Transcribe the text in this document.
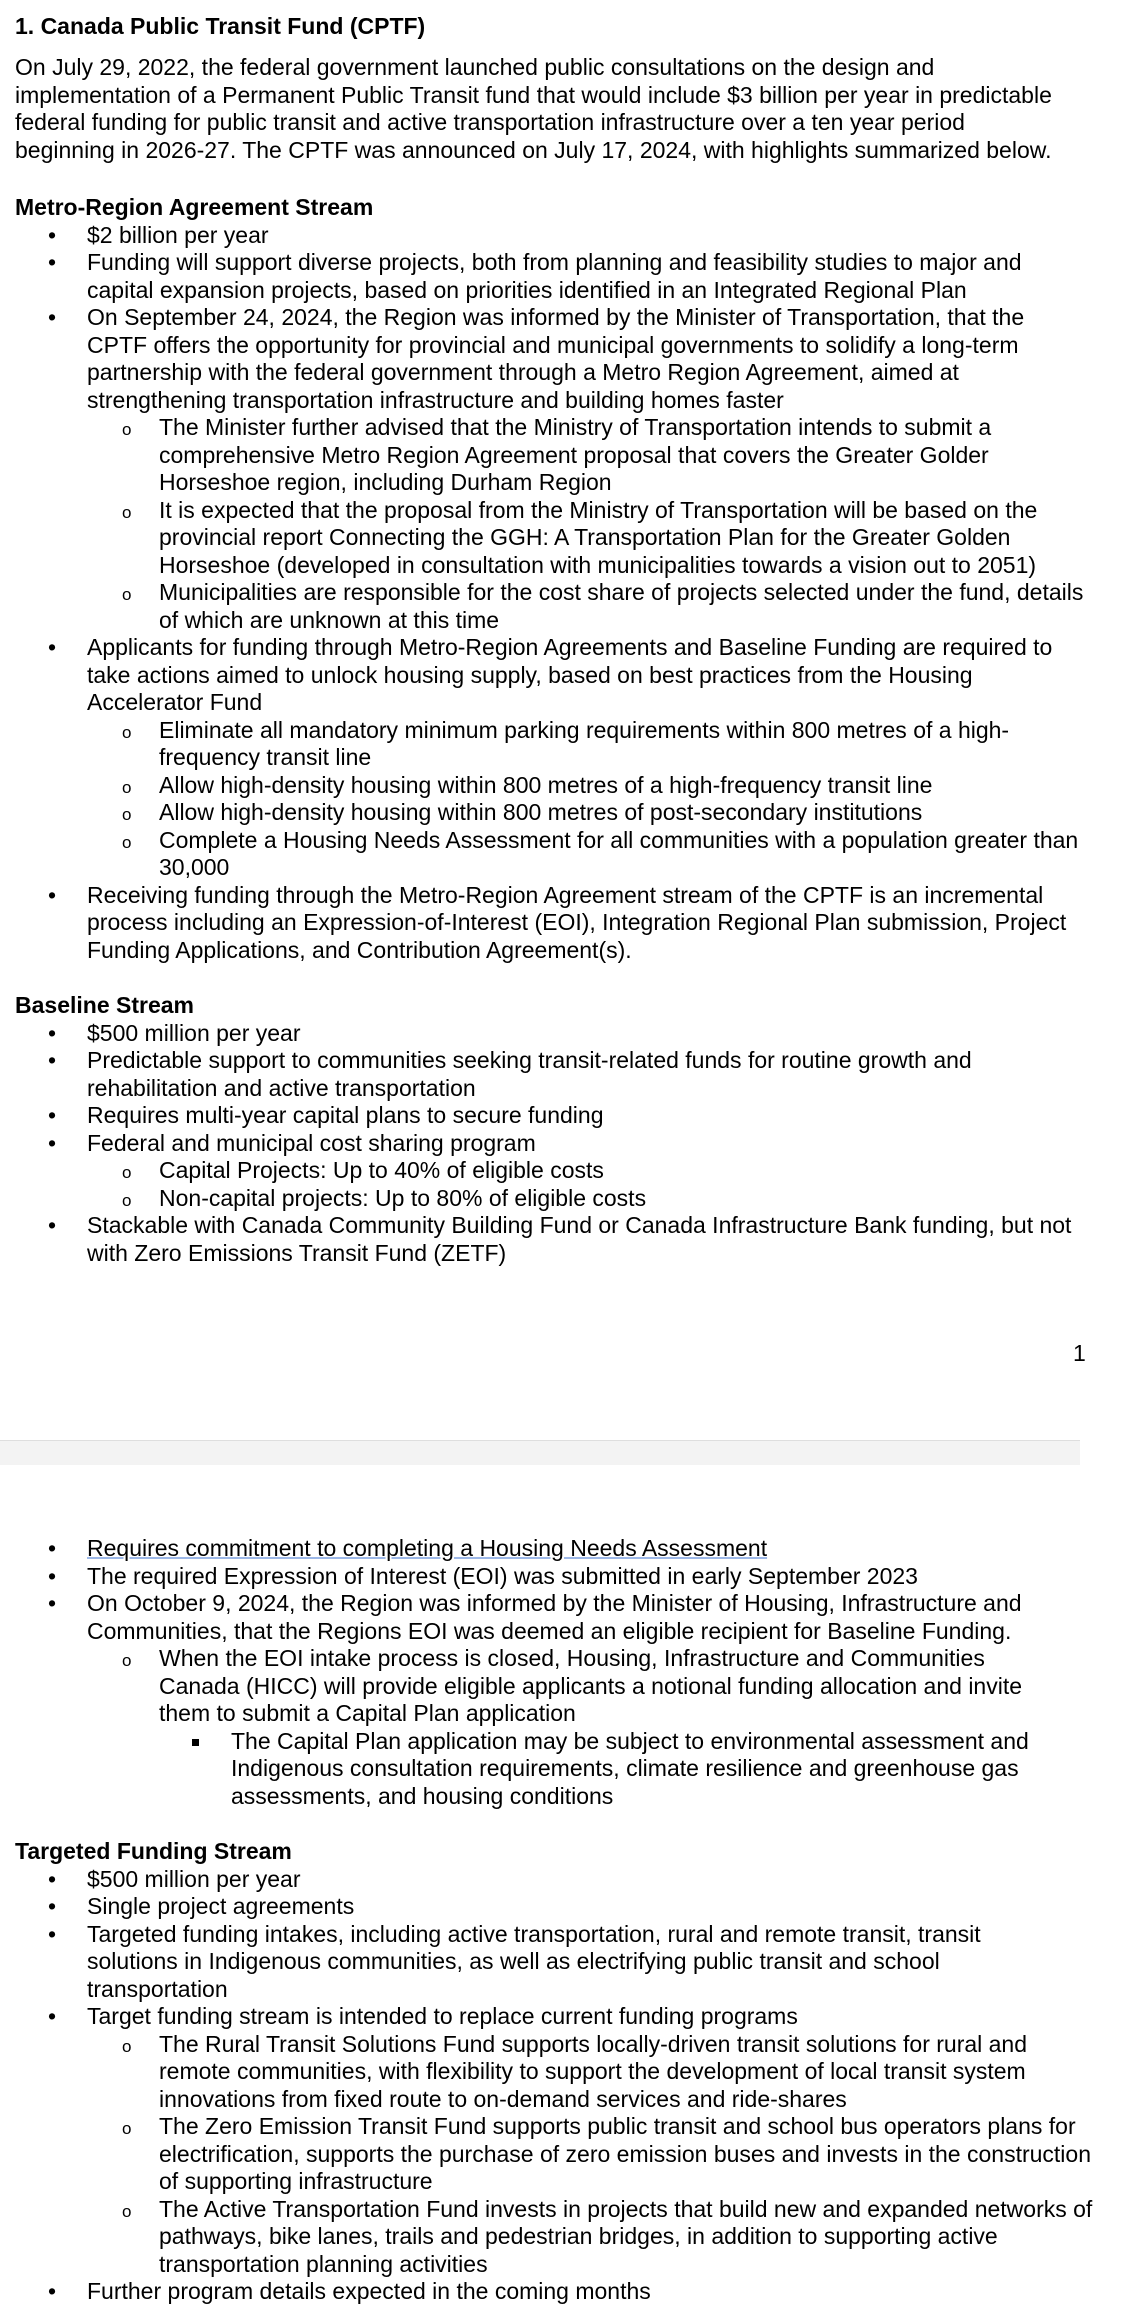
1. Canada Public Transit Fund (CPTF)

On July 29, 2022, the federal government launched public consultations on the design and implementation of a Permanent Public Transit fund that would include $3 billion per year in predictable federal funding for public transit and active transportation infrastructure over a ten year period beginning in 2026-27. The CPTF was announced on July 17, 2024, with highlights summarized below.

Metro-Region Agreement Stream
• $2 billion per year
• Funding will support diverse projects, both from planning and feasibility studies to major and capital expansion projects, based on priorities identified in an Integrated Regional Plan
• On September 24, 2024, the Region was informed by the Minister of Transportation, that the CPTF offers the opportunity for provincial and municipal governments to solidify a long-term partnership with the federal government through a Metro Region Agreement, aimed at strengthening transportation infrastructure and building homes faster
o The Minister further advised that the Ministry of Transportation intends to submit a comprehensive Metro Region Agreement proposal that covers the Greater Golder Horseshoe region, including Durham Region
o It is expected that the proposal from the Ministry of Transportation will be based on the provincial report Connecting the GGH: A Transportation Plan for the Greater Golden Horseshoe (developed in consultation with municipalities towards a vision out to 2051)
o Municipalities are responsible for the cost share of projects selected under the fund, details of which are unknown at this time
• Applicants for funding through Metro-Region Agreements and Baseline Funding are required to take actions aimed to unlock housing supply, based on best practices from the Housing Accelerator Fund
o Eliminate all mandatory minimum parking requirements within 800 metres of a high-frequency transit line
o Allow high-density housing within 800 metres of a high-frequency transit line
o Allow high-density housing within 800 metres of post-secondary institutions
o Complete a Housing Needs Assessment for all communities with a population greater than 30,000
• Receiving funding through the Metro-Region Agreement stream of the CPTF is an incremental process including an Expression-of-Interest (EOI), Integration Regional Plan submission, Project Funding Applications, and Contribution Agreement(s).
Baseline Stream
• $500 million per year
• Predictable support to communities seeking transit-related funds for routine growth and rehabilitation and active transportation
• Requires multi-year capital plans to secure funding
• Federal and municipal cost sharing program
o Capital Projects: Up to 40% of eligible costs
o Non-capital projects: Up to 80% of eligible costs
• Stackable with Canada Community Building Fund or Canada Infrastructure Bank funding, but not with Zero Emissions Transit Fund (ZETF)
1
• Requires commitment to completing a Housing Needs Assessment
• The required Expression of Interest (EOI) was submitted in early September 2023
• On October 9, 2024, the Region was informed by the Minister of Housing, Infrastructure and Communities, that the Regions EOI was deemed an eligible recipient for Baseline Funding.
o When the EOI intake process is closed, Housing, Infrastructure and Communities Canada (HICC) will provide eligible applicants a notional funding allocation and invite them to submit a Capital Plan application
The Capital Plan application may be subject to environmental assessment and Indigenous consultation requirements, climate resilience and greenhouse gas assessments, and housing conditions
Targeted Funding Stream
• $500 million per year
• Single project agreements
• Targeted funding intakes, including active transportation, rural and remote transit, transit solutions in Indigenous communities, as well as electrifying public transit and school transportation
• Target funding stream is intended to replace current funding programs
o The Rural Transit Solutions Fund supports locally-driven transit solutions for rural and remote communities, with flexibility to support the development of local transit system innovations from fixed route to on-demand services and ride-shares
o The Zero Emission Transit Fund supports public transit and school bus operators plans for electrification, supports the purchase of zero emission buses and invests in the construction of supporting infrastructure
o The Active Transportation Fund invests in projects that build new and expanded networks of pathways, bike lanes, trails and pedestrian bridges, in addition to supporting active transportation planning activities
• Further program details expected in the coming months
